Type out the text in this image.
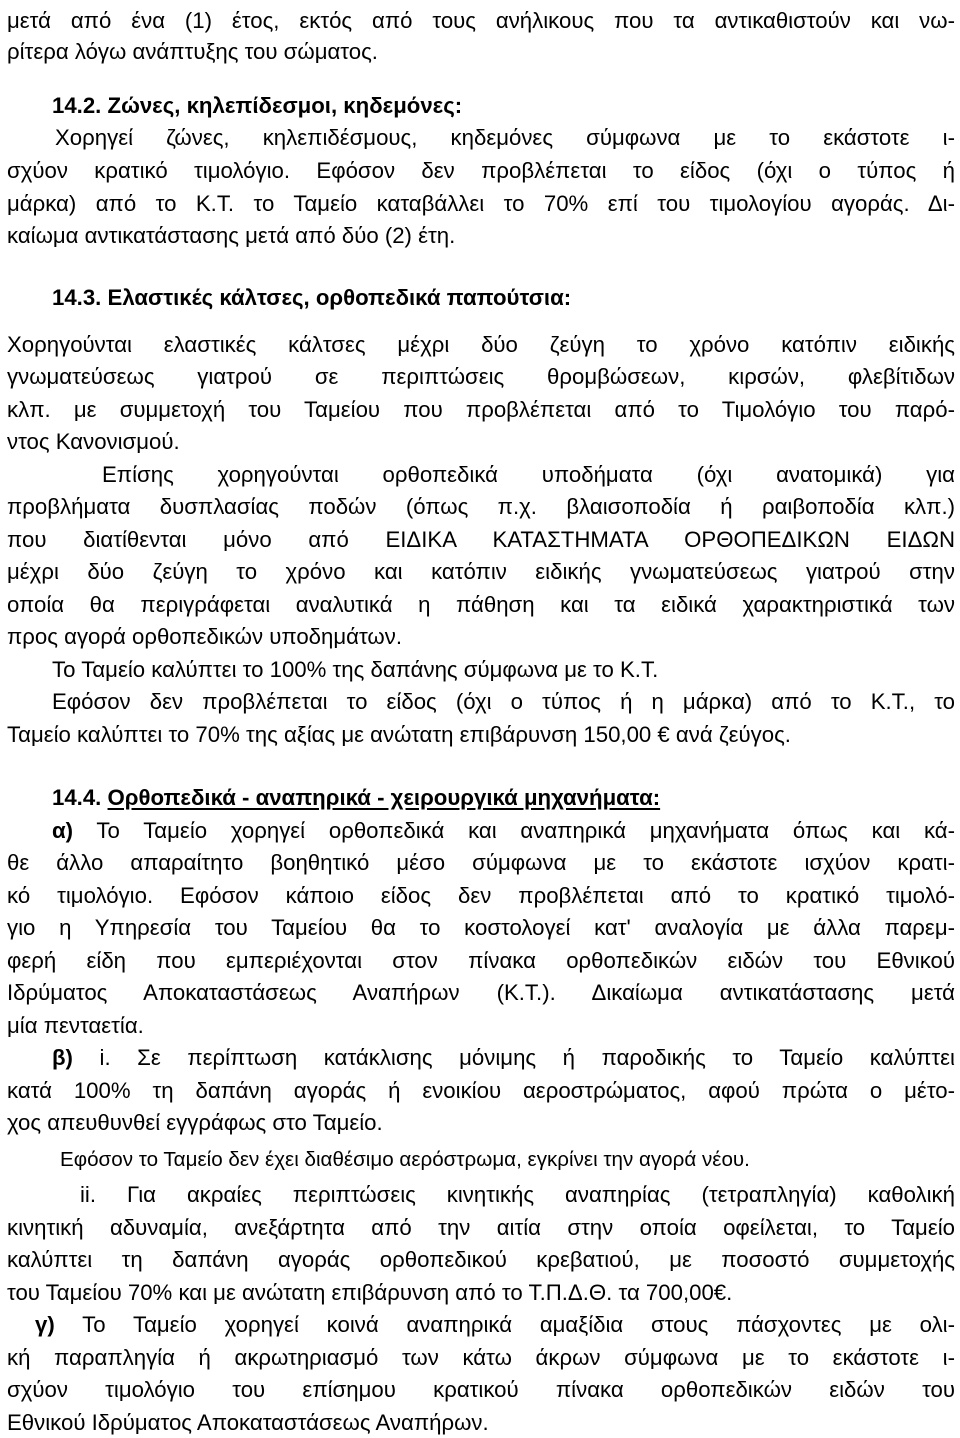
μετά από ένα (1) έτος, εκτός από τους ανήλικους που τα αντικαθιστούν και νω-
ρίτερα λόγω ανάπτυξης του σώματος.
14.2. Ζώνες, κηλεπίδεσμοι, κηδεμόνες:
Χορηγεί ζώνες, κηλεπιδέσμους, κηδεμόνες σύμφωνα με το εκάστοτε ι-
σχύον κρατικό τιμολόγιο. Εφόσον δεν προβλέπεται το είδος (όχι ο τύπος ή
μάρκα) από το Κ.Τ. το Ταμείο καταβάλλει το 70% επί του τιμολογίου αγοράς. Δι-
καίωμα αντικατάστασης μετά από δύο (2) έτη.
14.3. Ελαστικές κάλτσες, ορθοπεδικά παπούτσια:
Χορηγούνται ελαστικές κάλτσες μέχρι δύο ζεύγη το χρόνο κατόπιν ειδικής
γνωματεύσεως γιατρού σε περιπτώσεις θρομβώσεων, κιρσών, φλεβίτιδων
κλπ. με συμμετοχή του Ταμείου που προβλέπεται από το Τιμολόγιο του παρό-
ντος Κανονισμού.
Επίσης χορηγούνται ορθοπεδικά υποδήματα (όχι ανατομικά) για
προβλήματα δυσπλασίας ποδών (όπως π.χ. βλαισοποδία ή ραιβοποδία κλπ.)
που διατίθενται μόνο από ΕΙΔΙΚΑ ΚΑΤΑΣΤΗΜΑΤΑ ΟΡΘΟΠΕΔΙΚΩΝ ΕΙΔΩΝ
μέχρι δύο ζεύγη το χρόνο και κατόπιν ειδικής γνωματεύσεως γιατρού στην
οποία θα περιγράφεται αναλυτικά η πάθηση και τα ειδικά χαρακτηριστικά των
προς αγορά ορθοπεδικών υποδημάτων.
Το Ταμείο καλύπτει το 100% της δαπάνης σύμφωνα με το Κ.Τ.
Εφόσον δεν προβλέπεται το είδος (όχι ο τύπος ή η μάρκα) από το Κ.Τ., το
Ταμείο καλύπτει το 70% της αξίας με ανώτατη επιβάρυνση 150,00 € ανά ζεύγος.
14.4. Ορθοπεδικά - αναπηρικά - χειρουργικά μηχανήματα:
α) Το Ταμείο χορηγεί ορθοπεδικά και αναπηρικά μηχανήματα όπως και κά-
θε άλλο απαραίτητο βοηθητικό μέσο σύμφωνα με το εκάστοτε ισχύον κρατι-
κό τιμολόγιο. Εφόσον κάποιο είδος δεν προβλέπεται από το κρατικό τιμολό-
γιο η Υπηρεσία του Ταμείου θα το κοστολογεί κατ' αναλογία με άλλα παρεμ-
φερή είδη που εμπεριέχονται στον πίνακα ορθοπεδικών ειδών του Εθνικού
Ιδρύματος Αποκαταστάσεως Αναπήρων (Κ.Τ.). Δικαίωμα αντικατάστασης μετά
μία πενταετία.
β) i. Σε περίπτωση κατάκλισης μόνιμης ή παροδικής το Ταμείο καλύπτει
κατά 100% τη δαπάνη αγοράς ή ενοικίου αεροστρώματος, αφού πρώτα ο μέτο-
χος απευθυνθεί εγγράφως στο Ταμείο.
Εφόσον το Ταμείο δεν έχει διαθέσιμο αερόστρωμα, εγκρίνει την αγορά νέου.
ii. Για ακραίες περιπτώσεις κινητικής αναπηρίας (τετραπληγία) καθολική
κινητική αδυναμία, ανεξάρτητα από την αιτία στην οποία οφείλεται, το Ταμείο
καλύπτει τη δαπάνη αγοράς ορθοπεδικού κρεβατιού, με ποσοστό συμμετοχής
του Ταμείου 70% και με ανώτατη επιβάρυνση από το Τ.Π.Δ.Θ. τα 700,00€.
γ) Το Ταμείο χορηγεί κοινά αναπηρικά αμαξίδια στους πάσχοντες με ολι-
κή παραπληγία ή ακρωτηριασμό των κάτω άκρων σύμφωνα με το εκάστοτε ι-
σχύον τιμολόγιο του επίσημου κρατικού πίνακα ορθοπεδικών ειδών του
Εθνικού Ιδρύματος Αποκαταστάσεως Αναπήρων.
